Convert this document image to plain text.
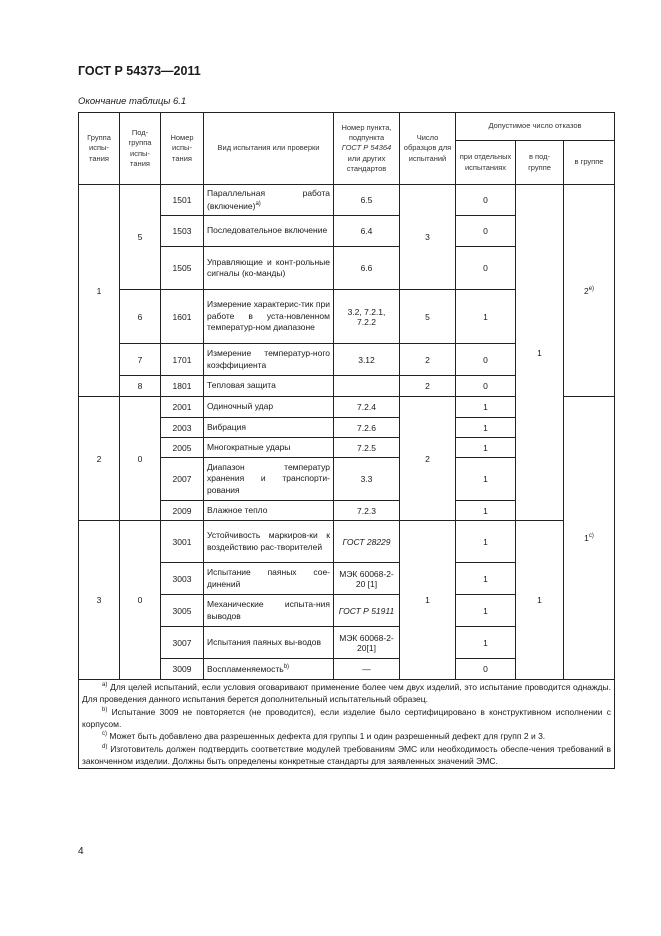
ГОСТ Р 54373—2011
Окончание таблицы 6.1
Группа испы-тания	Под-группа испы-тания	Номер испы-тания	Вид испытания или проверки	Номер пункта, подпункта
ГОСТ Р 54364
или других стандартов	Число образцов для испытаний	Допустимое число отказов		
						при отдельных испытаниях	в под-группе	в группе
1	5	1501	Параллельная работа (включение)$^{a)}$	6.5	3	0	1	2$^{e)}$
		1503	Последовательное включение	6.4		0		
		1505	Управляющие и конт-рольные сигналы (ко-манды)	6.6		0		
	6	1601	Измерение характерис-тик при работе в уста-новленном температур-ном диапазоне	3.2, 7.2.1, 7.2.2	5	1		
	7	1701	Измерение температур-ного коэффициента	3.12	2	0		
	8	1801	Тепловая защита		2	0		
2	0	2001	Одиночный удар	7.2.4	2	1		1$^{c)}$
		2003	Вибрация	7.2.6		1		
		2005	Многократные удары	7.2.5		1		
		2007	Диапазон температур хранения и транспорти-рования	3.3		1		
		2009	Влажное тепло	7.2.3		1		
3	0	3001	Устойчивость маркиров-ки к воздействию рас-творителей	ГОСТ 28229	1	1	1	
		3003	Испытание паяных сое-динений	МЭК 60068-2-20 [1]		1		
		3005	Механические испыта-ния выводов	ГОСТ Р 51911		1		
		3007	Испытания паяных вы-водов	МЭК 60068-2-20[1]		1		
		3009	Воспламеняемость$^{b)}$	—		0		

$^{a)}$ Для целей испытаний, если условия оговаривают применение более чем двух изделий, это испытание проводится однажды. Для проведения данного испытания берется дополнительный испытательный образец.

$^{b)}$ Испытание 3009 не повторяется (не проводится), если изделие было сертифицировано в конструктивном исполнении с корпусом.

$^{c)}$ Может быть добавлено два разрешенных дефекта для группы 1 и один разрешенный дефект для групп 2 и 3.

$^{d)}$ Изготовитель должен подтвердить соответствие модулей требованиям ЭМС или необходимость обеспе-чения требований в законченном изделии. Должны быть определены конкретные стандарты для заявленных значений ЭМС.								

4
